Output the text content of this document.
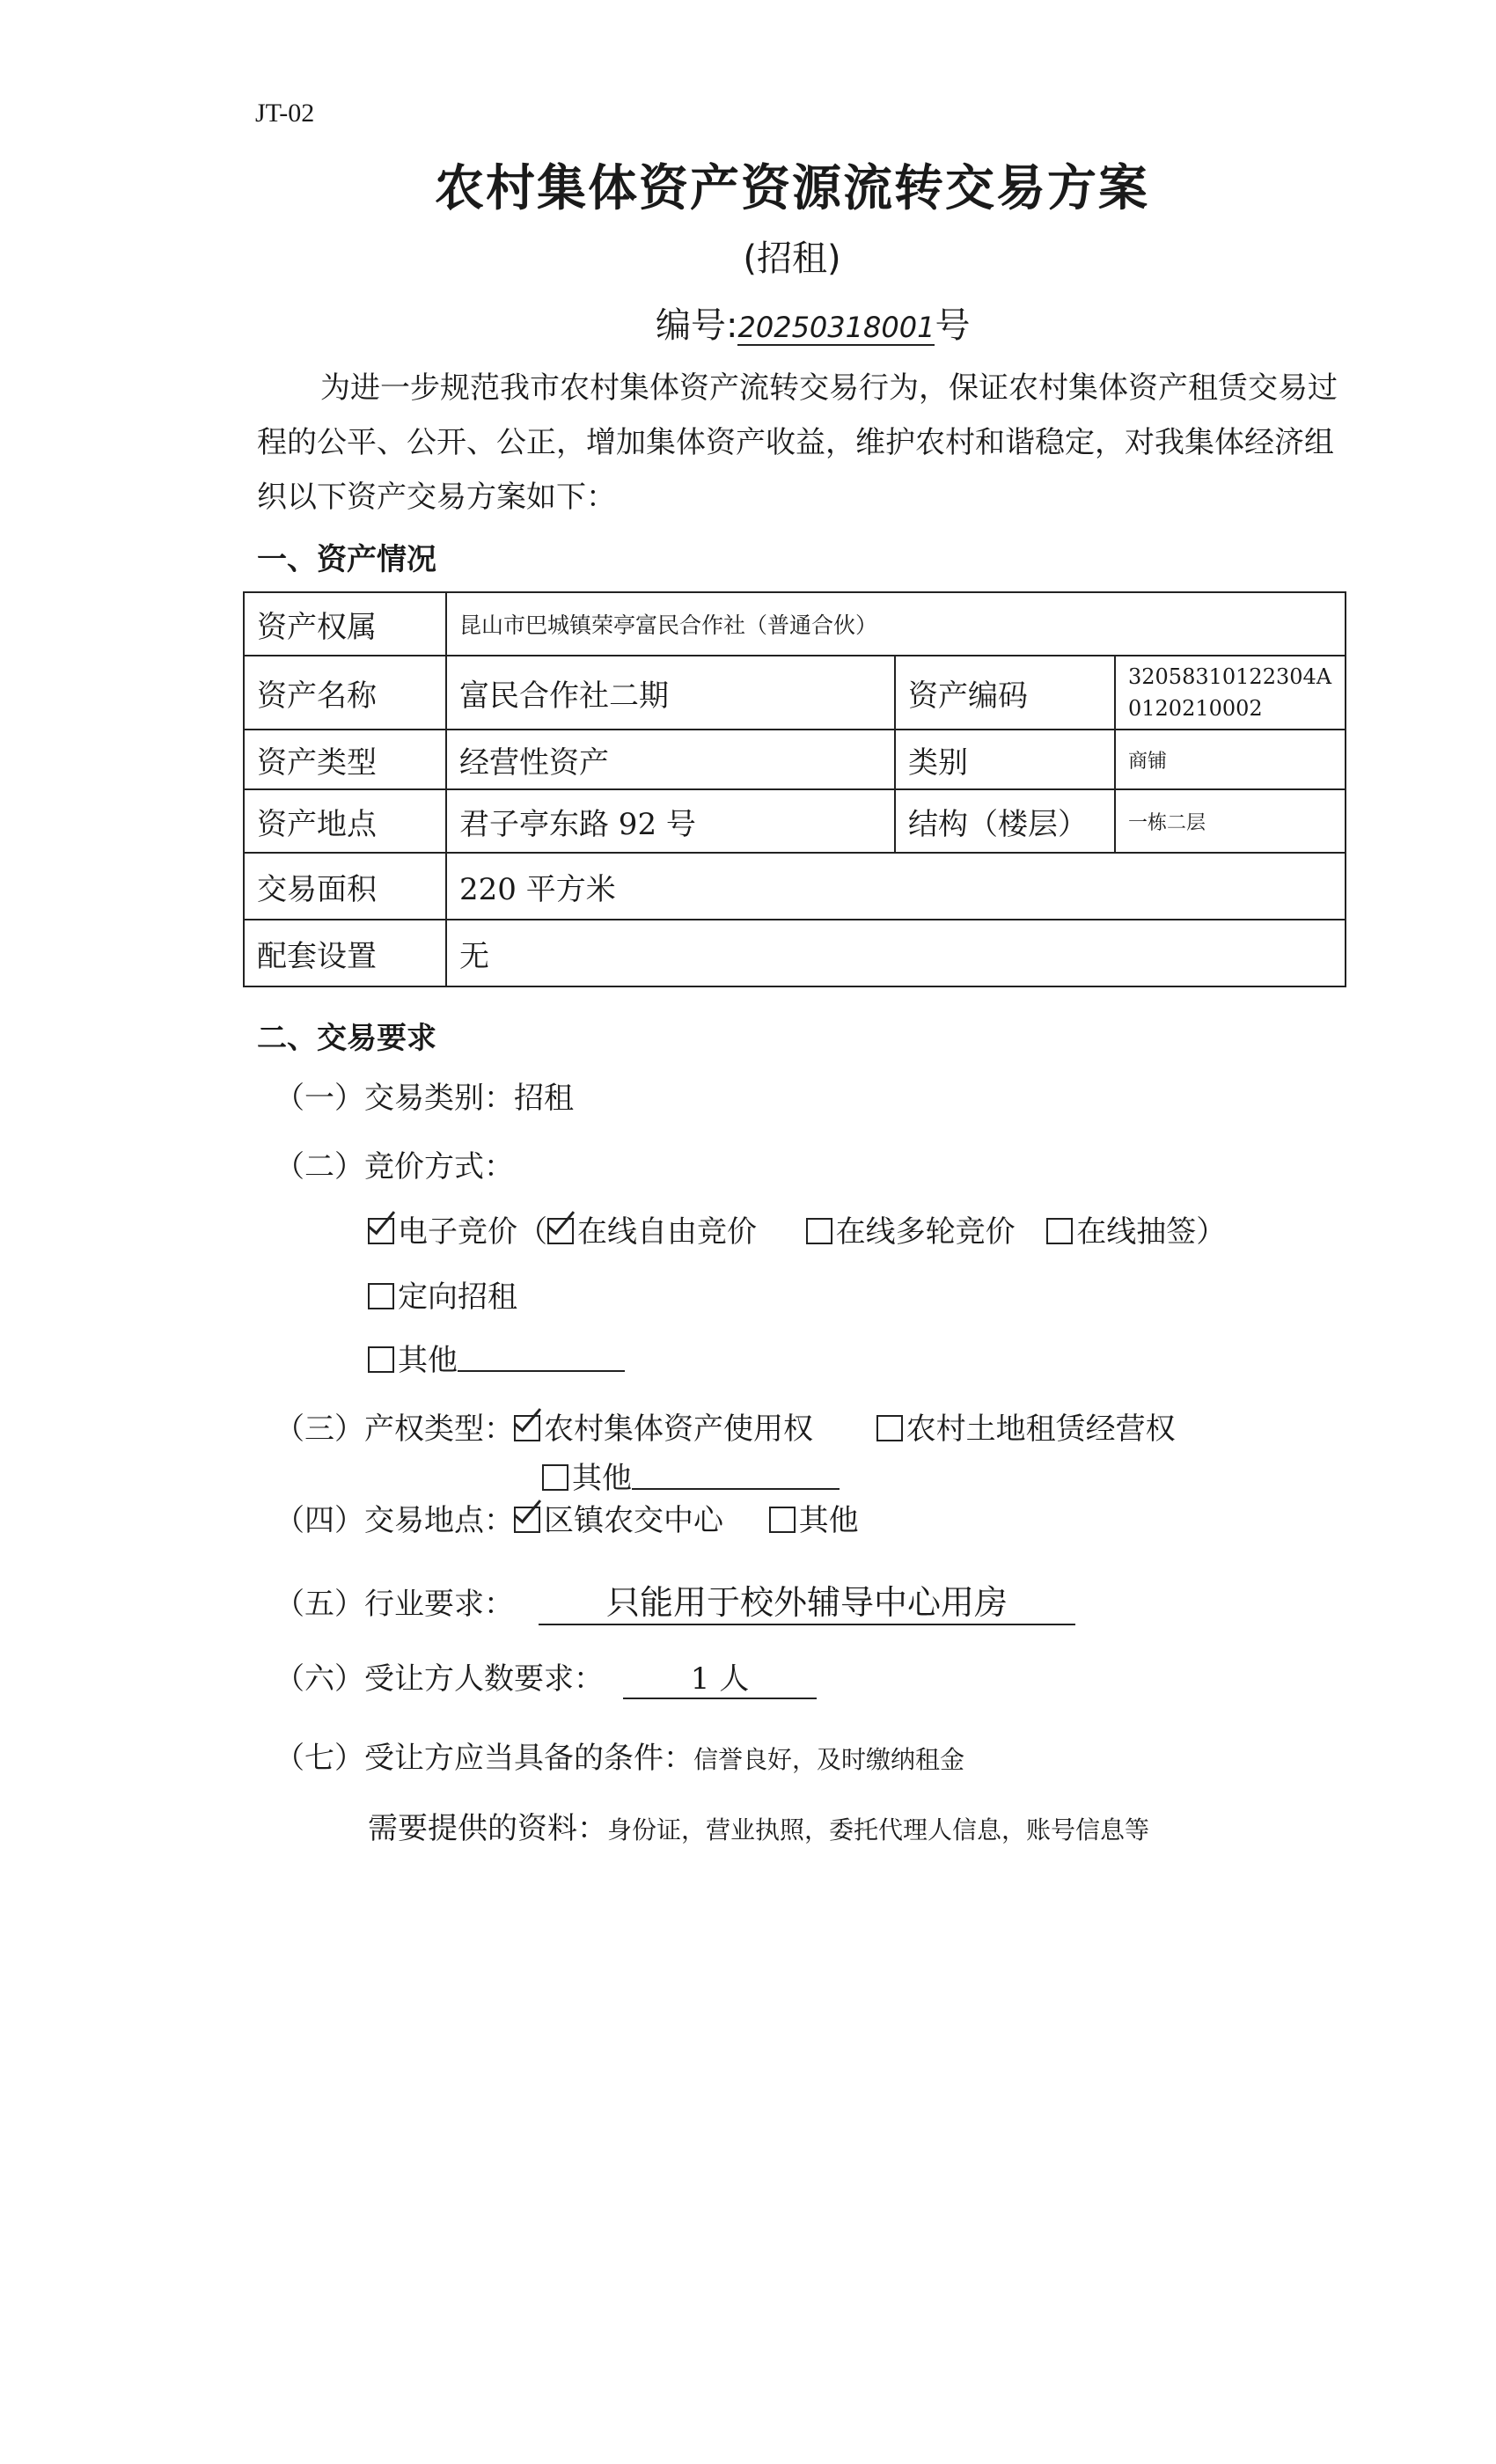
JT-02
农村集体资产资源流转交易方案
(招租)
编号:20250318001号

为进一步规范我市农村集体资产流转交易行为，保证农村集体资产租赁交易过程的公平、公开、公正，增加集体资产收益，维护农村和谐稳定，对我集体经济组织以下资产交易方案如下：

一、资产情况
资产权属	昆山市巴城镇荣亭富民合作社（普通合伙）		
资产名称	富民合作社二期	资产编码	32058310122304A0120210002
资产类型	经营性资产	类别	商铺
资产地点	君子亭东路 92 号	结构（楼层）	一栋二层
交易面积	220 平方米		
配套设置	无		
二、交易要求
（一）交易类别：招租
（二）竞价方式：
电子竞价（ 在线自由竞价	在线多轮竞价 在线抽签）
定向招租
其他
（三）产权类型： 农村集体资产使用权	农村土地租赁经营权
其他
（四）交易地点： 区镇农交中心	其他
（五）行业要求：	只能用于校外辅导中心用房
（六）受让方人数要求：	1 人
（七）受让方应当具备的条件：信誉良好，及时缴纳租金
需要提供的资料：身份证，营业执照，委托代理人信息，账号信息等
